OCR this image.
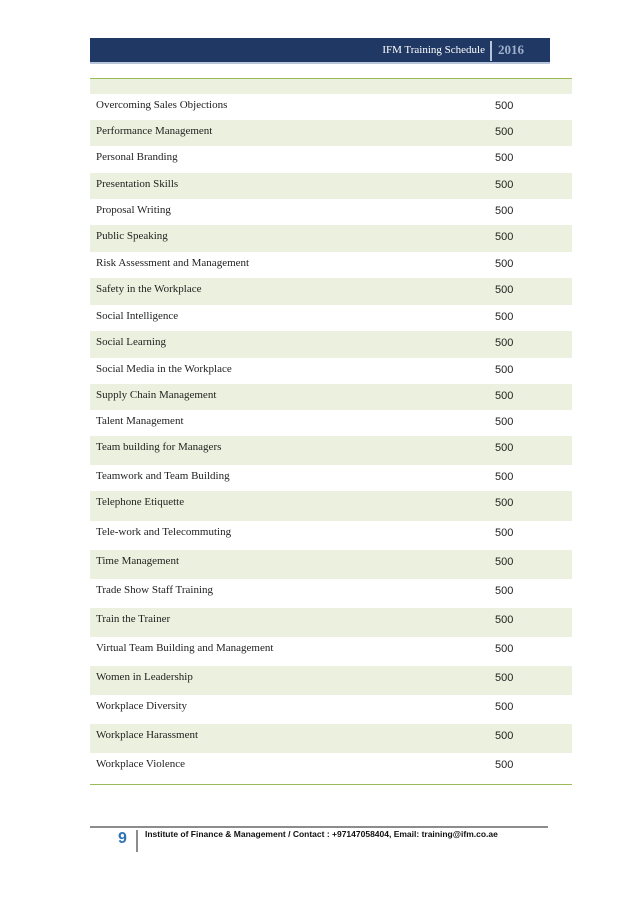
IFM Training Schedule 2016
Overcoming Sales Objections	500
Performance Management	500
Personal Branding	500
Presentation Skills	500
Proposal Writing	500
Public Speaking	500
Risk Assessment and Management	500
Safety in the Workplace	500
Social Intelligence	500
Social Learning	500
Social Media in the Workplace	500
Supply Chain Management	500
Talent Management	500
Team building for Managers	500
Teamwork and Team Building	500
Telephone Etiquette	500
Tele-work and Telecommuting	500
Time Management	500
Trade Show Staff Training	500
Train the Trainer	500
Virtual Team Building and Management	500
Women in Leadership	500
Workplace Diversity	500
Workplace Harassment	500
Workplace Violence	500
9	Institute of Finance & Management / Contact : +97147058404, Email: training@ifm.co.ae
